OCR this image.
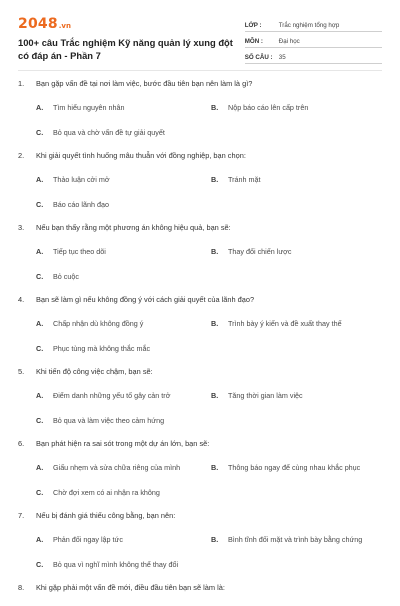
2048 .vn
100+ câu Trắc nghiệm Kỹ năng quản lý xung đột có đáp án - Phần 7
LỚP :	Trắc nghiệm tổng hợp
MÔN :	Đại học
SỐ CÂU : 35
1.	Bạn gặp vấn đề tại nơi làm việc, bước đầu tiên bạn nên làm là gì?
A.	Tìm hiểu nguyên nhân	B.	Nộp báo cáo lên cấp trên
C.	Bỏ qua và chờ vấn đề tự giải quyết
2.	Khi giải quyết tình huống mâu thuẫn với đồng nghiệp, bạn chọn:
A.	Thảo luận cởi mở	B.	Tránh mặt
C.	Báo cáo lãnh đạo
3.	Nếu bạn thấy rằng một phương án không hiệu quả, bạn sẽ:
A.	Tiếp tục theo dõi	B.	Thay đổi chiến lược
C.	Bỏ cuộc
4.	Bạn sẽ làm gì nếu không đồng ý với cách giải quyết của lãnh đạo?
A.	Chấp nhận dù không đồng ý	B.	Trình bày ý kiến và đề xuất thay thế
C.	Phục tùng mà không thắc mắc
5.	Khi tiến độ công việc chậm, bạn sẽ:
A.	Điểm danh những yếu tố gây cản trở	B.	Tăng thời gian làm việc
C.	Bỏ qua và làm việc theo cảm hứng
6.	Bạn phát hiện ra sai sót trong một dự án lớn, bạn sẽ:
A.	Giấu nhẹm và sửa chữa riêng của mình	B.	Thông báo ngay để cùng nhau khắc phục
C.	Chờ đợi xem có ai nhận ra không
7.	Nếu bị đánh giá thiếu công bằng, bạn nên:
A.	Phản đối ngay lập tức	B.	Bình tĩnh đối mặt và trình bày bằng chứng
C.	Bỏ qua vì nghĩ mình không thể thay đổi
8.	Khi gặp phải một vấn đề mới, điều đầu tiên bạn sẽ làm là:
